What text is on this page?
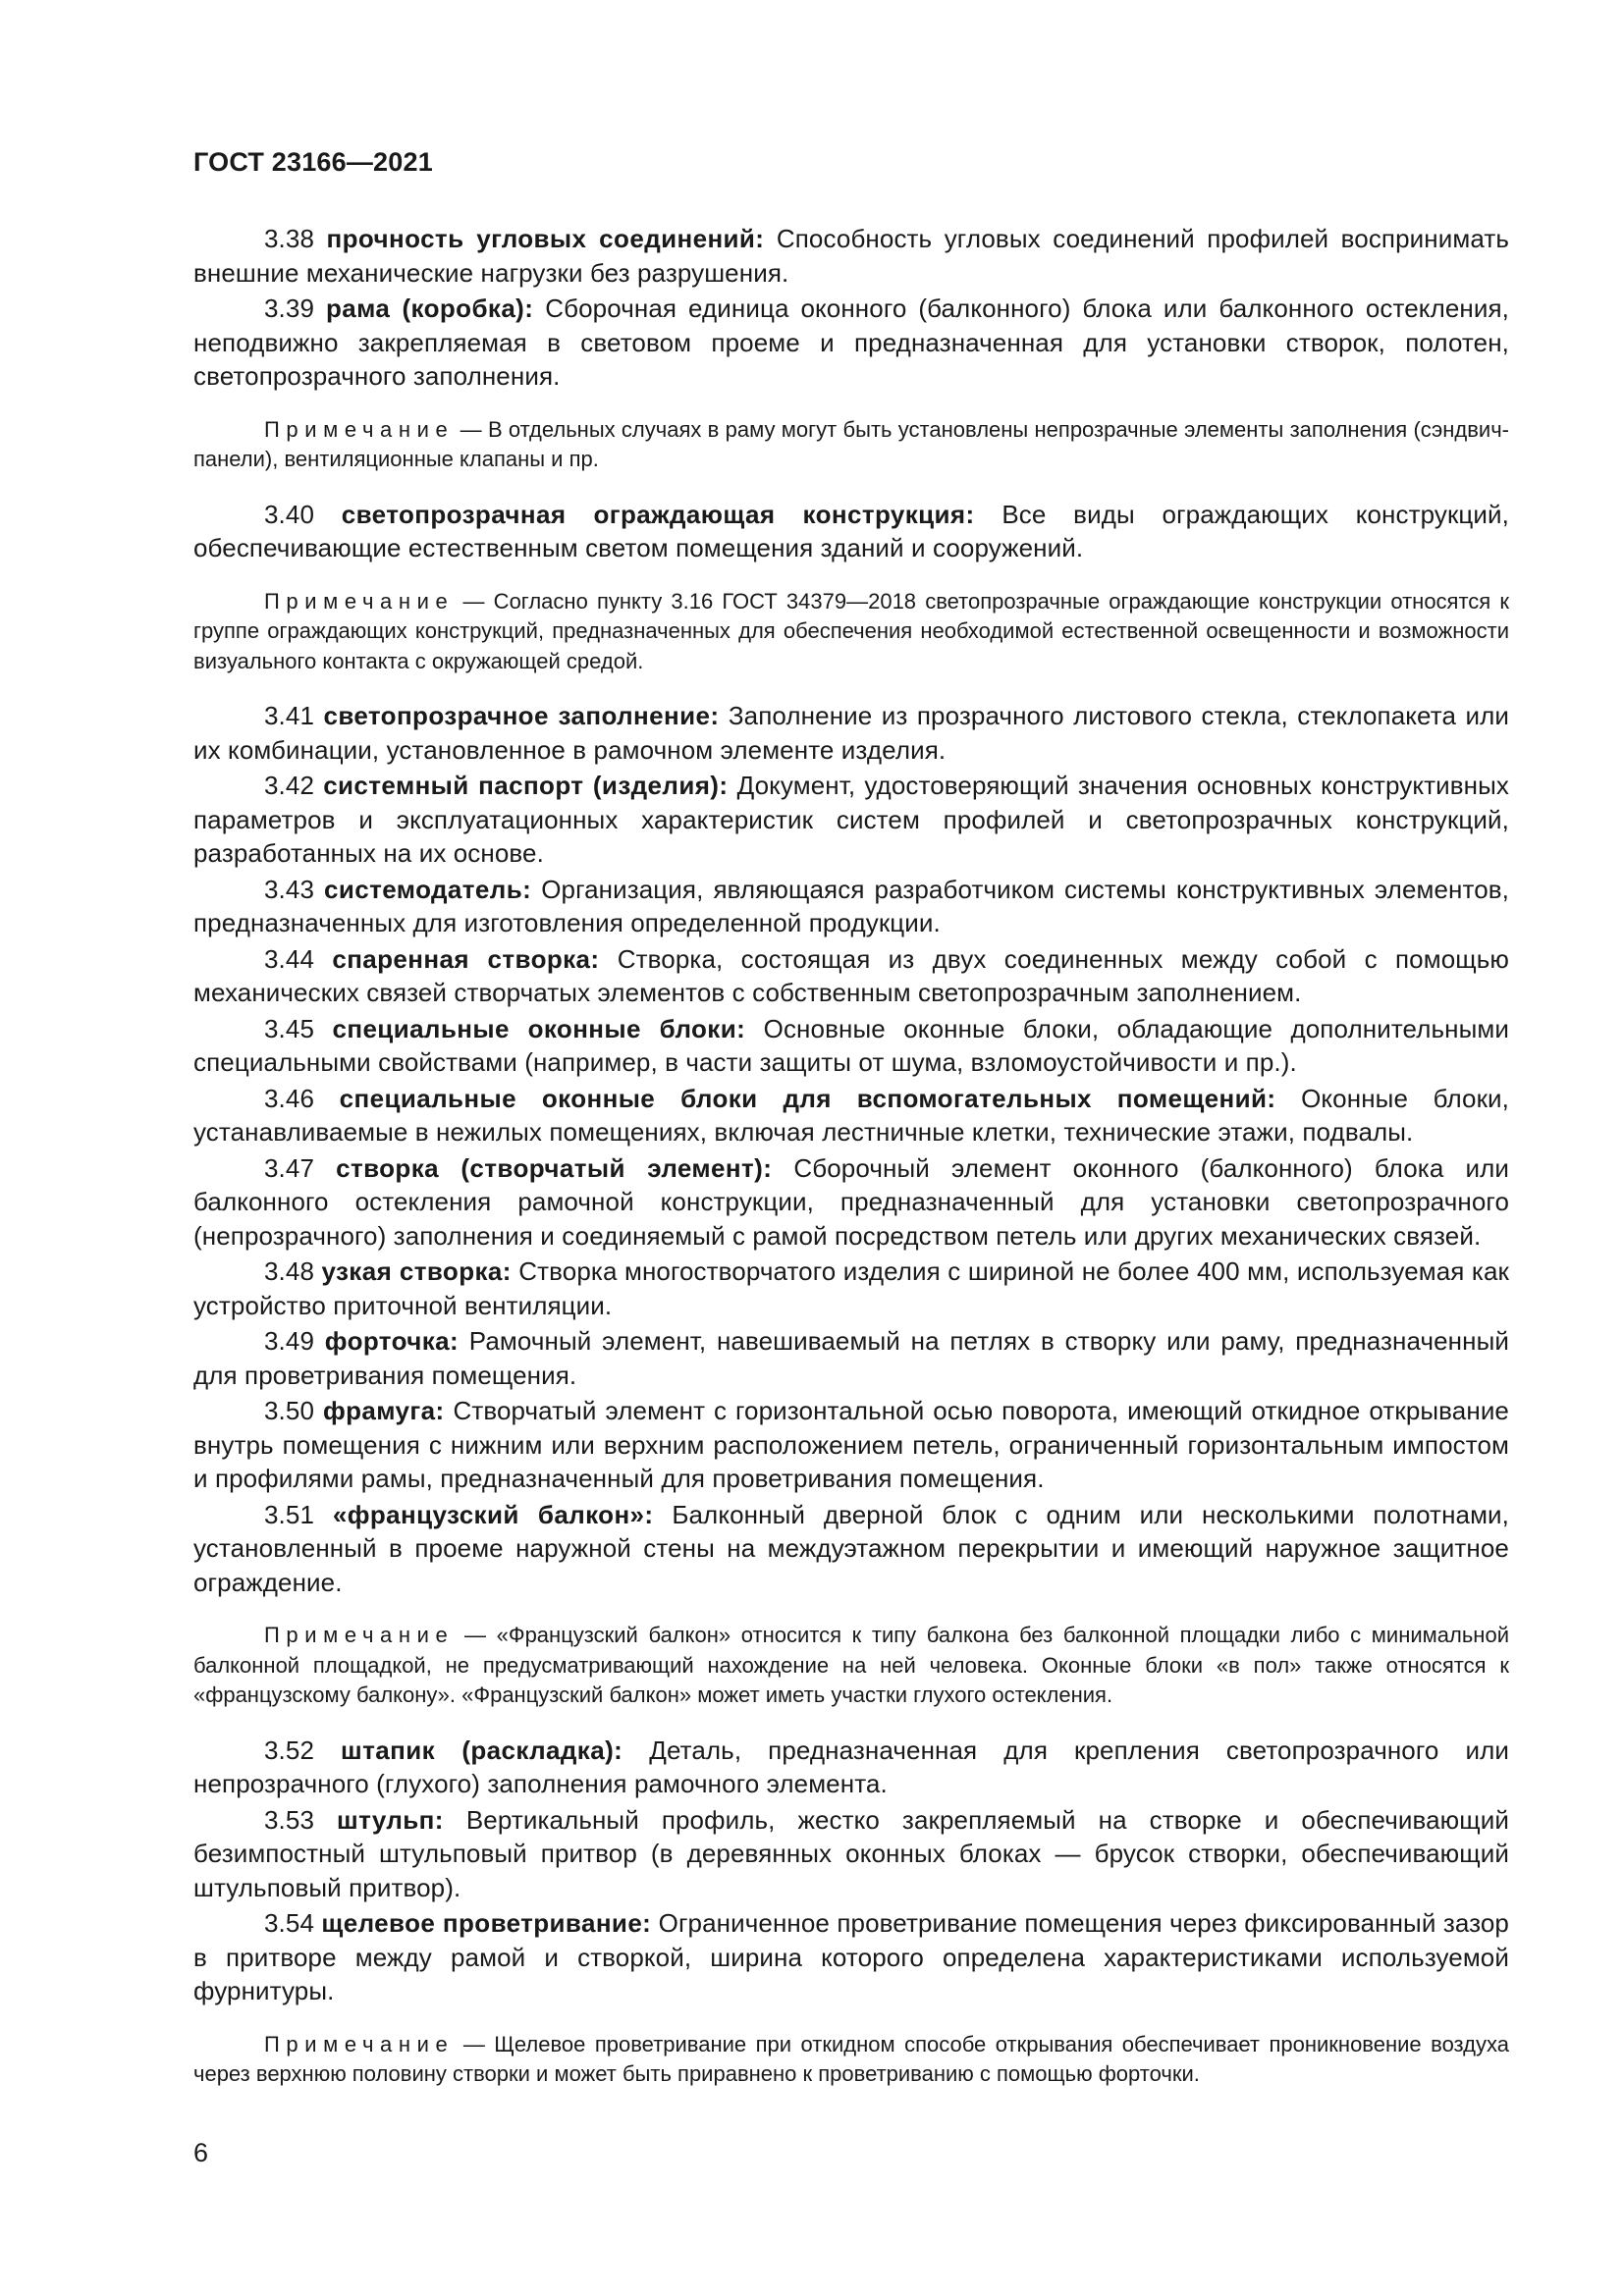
ГОСТ 23166—2021

3.38 прочность угловых соединений: Способность угловых соединений профилей воспринимать внешние механические нагрузки без разрушения.

3.39 рама (коробка): Сборочная единица оконного (балконного) блока или балконного остекления, неподвижно закрепляемая в световом проеме и предназначенная для установки створок, полотен, светопрозрачного заполнения.

Примечание — В отдельных случаях в раму могут быть установлены непрозрачные элементы заполнения (сэндвич-панели), вентиляционные клапаны и пр.

3.40 светопрозрачная ограждающая конструкция: Все виды ограждающих конструкций, обеспечивающие естественным светом помещения зданий и сооружений.

Примечание — Согласно пункту 3.16 ГОСТ 34379—2018 светопрозрачные ограждающие конструкции относятся к группе ограждающих конструкций, предназначенных для обеспечения необходимой естественной освещенности и возможности визуального контакта с окружающей средой.

3.41 светопрозрачное заполнение: Заполнение из прозрачного листового стекла, стеклопакета или их комбинации, установленное в рамочном элементе изделия.

3.42 системный паспорт (изделия): Документ, удостоверяющий значения основных конструктивных параметров и эксплуатационных характеристик систем профилей и светопрозрачных конструкций, разработанных на их основе.

3.43 системодатель: Организация, являющаяся разработчиком системы конструктивных элементов, предназначенных для изготовления определенной продукции.

3.44 спаренная створка: Створка, состоящая из двух соединенных между собой с помощью механических связей створчатых элементов с собственным светопрозрачным заполнением.

3.45 специальные оконные блоки: Основные оконные блоки, обладающие дополнительными специальными свойствами (например, в части защиты от шума, взломоустойчивости и пр.).

3.46 специальные оконные блоки для вспомогательных помещений: Оконные блоки, устанавливаемые в нежилых помещениях, включая лестничные клетки, технические этажи, подвалы.

3.47 створка (створчатый элемент): Сборочный элемент оконного (балконного) блока или балконного остекления рамочной конструкции, предназначенный для установки светопрозрачного (непрозрачного) заполнения и соединяемый с рамой посредством петель или других механических связей.

3.48 узкая створка: Створка многостворчатого изделия с шириной не более 400 мм, используемая как устройство приточной вентиляции.

3.49 форточка: Рамочный элемент, навешиваемый на петлях в створку или раму, предназначенный для проветривания помещения.

3.50 фрамуга: Створчатый элемент с горизонтальной осью поворота, имеющий откидное открывание внутрь помещения с нижним или верхним расположением петель, ограниченный горизонтальным импостом и профилями рамы, предназначенный для проветривания помещения.

3.51 «французский балкон»: Балконный дверной блок с одним или несколькими полотнами, установленный в проеме наружной стены на междуэтажном перекрытии и имеющий наружное защитное ограждение.

Примечание — «Французский балкон» относится к типу балкона без балконной площадки либо с минимальной балконной площадкой, не предусматривающий нахождение на ней человека. Оконные блоки «в пол» также относятся к «французскому балкону». «Французский балкон» может иметь участки глухого остекления.

3.52 штапик (раскладка): Деталь, предназначенная для крепления светопрозрачного или непрозрачного (глухого) заполнения рамочного элемента.

3.53 штульп: Вертикальный профиль, жестко закрепляемый на створке и обеспечивающий безимпостный штульповый притвор (в деревянных оконных блоках — брусок створки, обеспечивающий штульповый притвор).

3.54 щелевое проветривание: Ограниченное проветривание помещения через фиксированный зазор в притворе между рамой и створкой, ширина которого определена характеристиками используемой фурнитуры.

Примечание — Щелевое проветривание при откидном способе открывания обеспечивает проникновение воздуха через верхнюю половину створки и может быть приравнено к проветриванию с помощью форточки.

6
